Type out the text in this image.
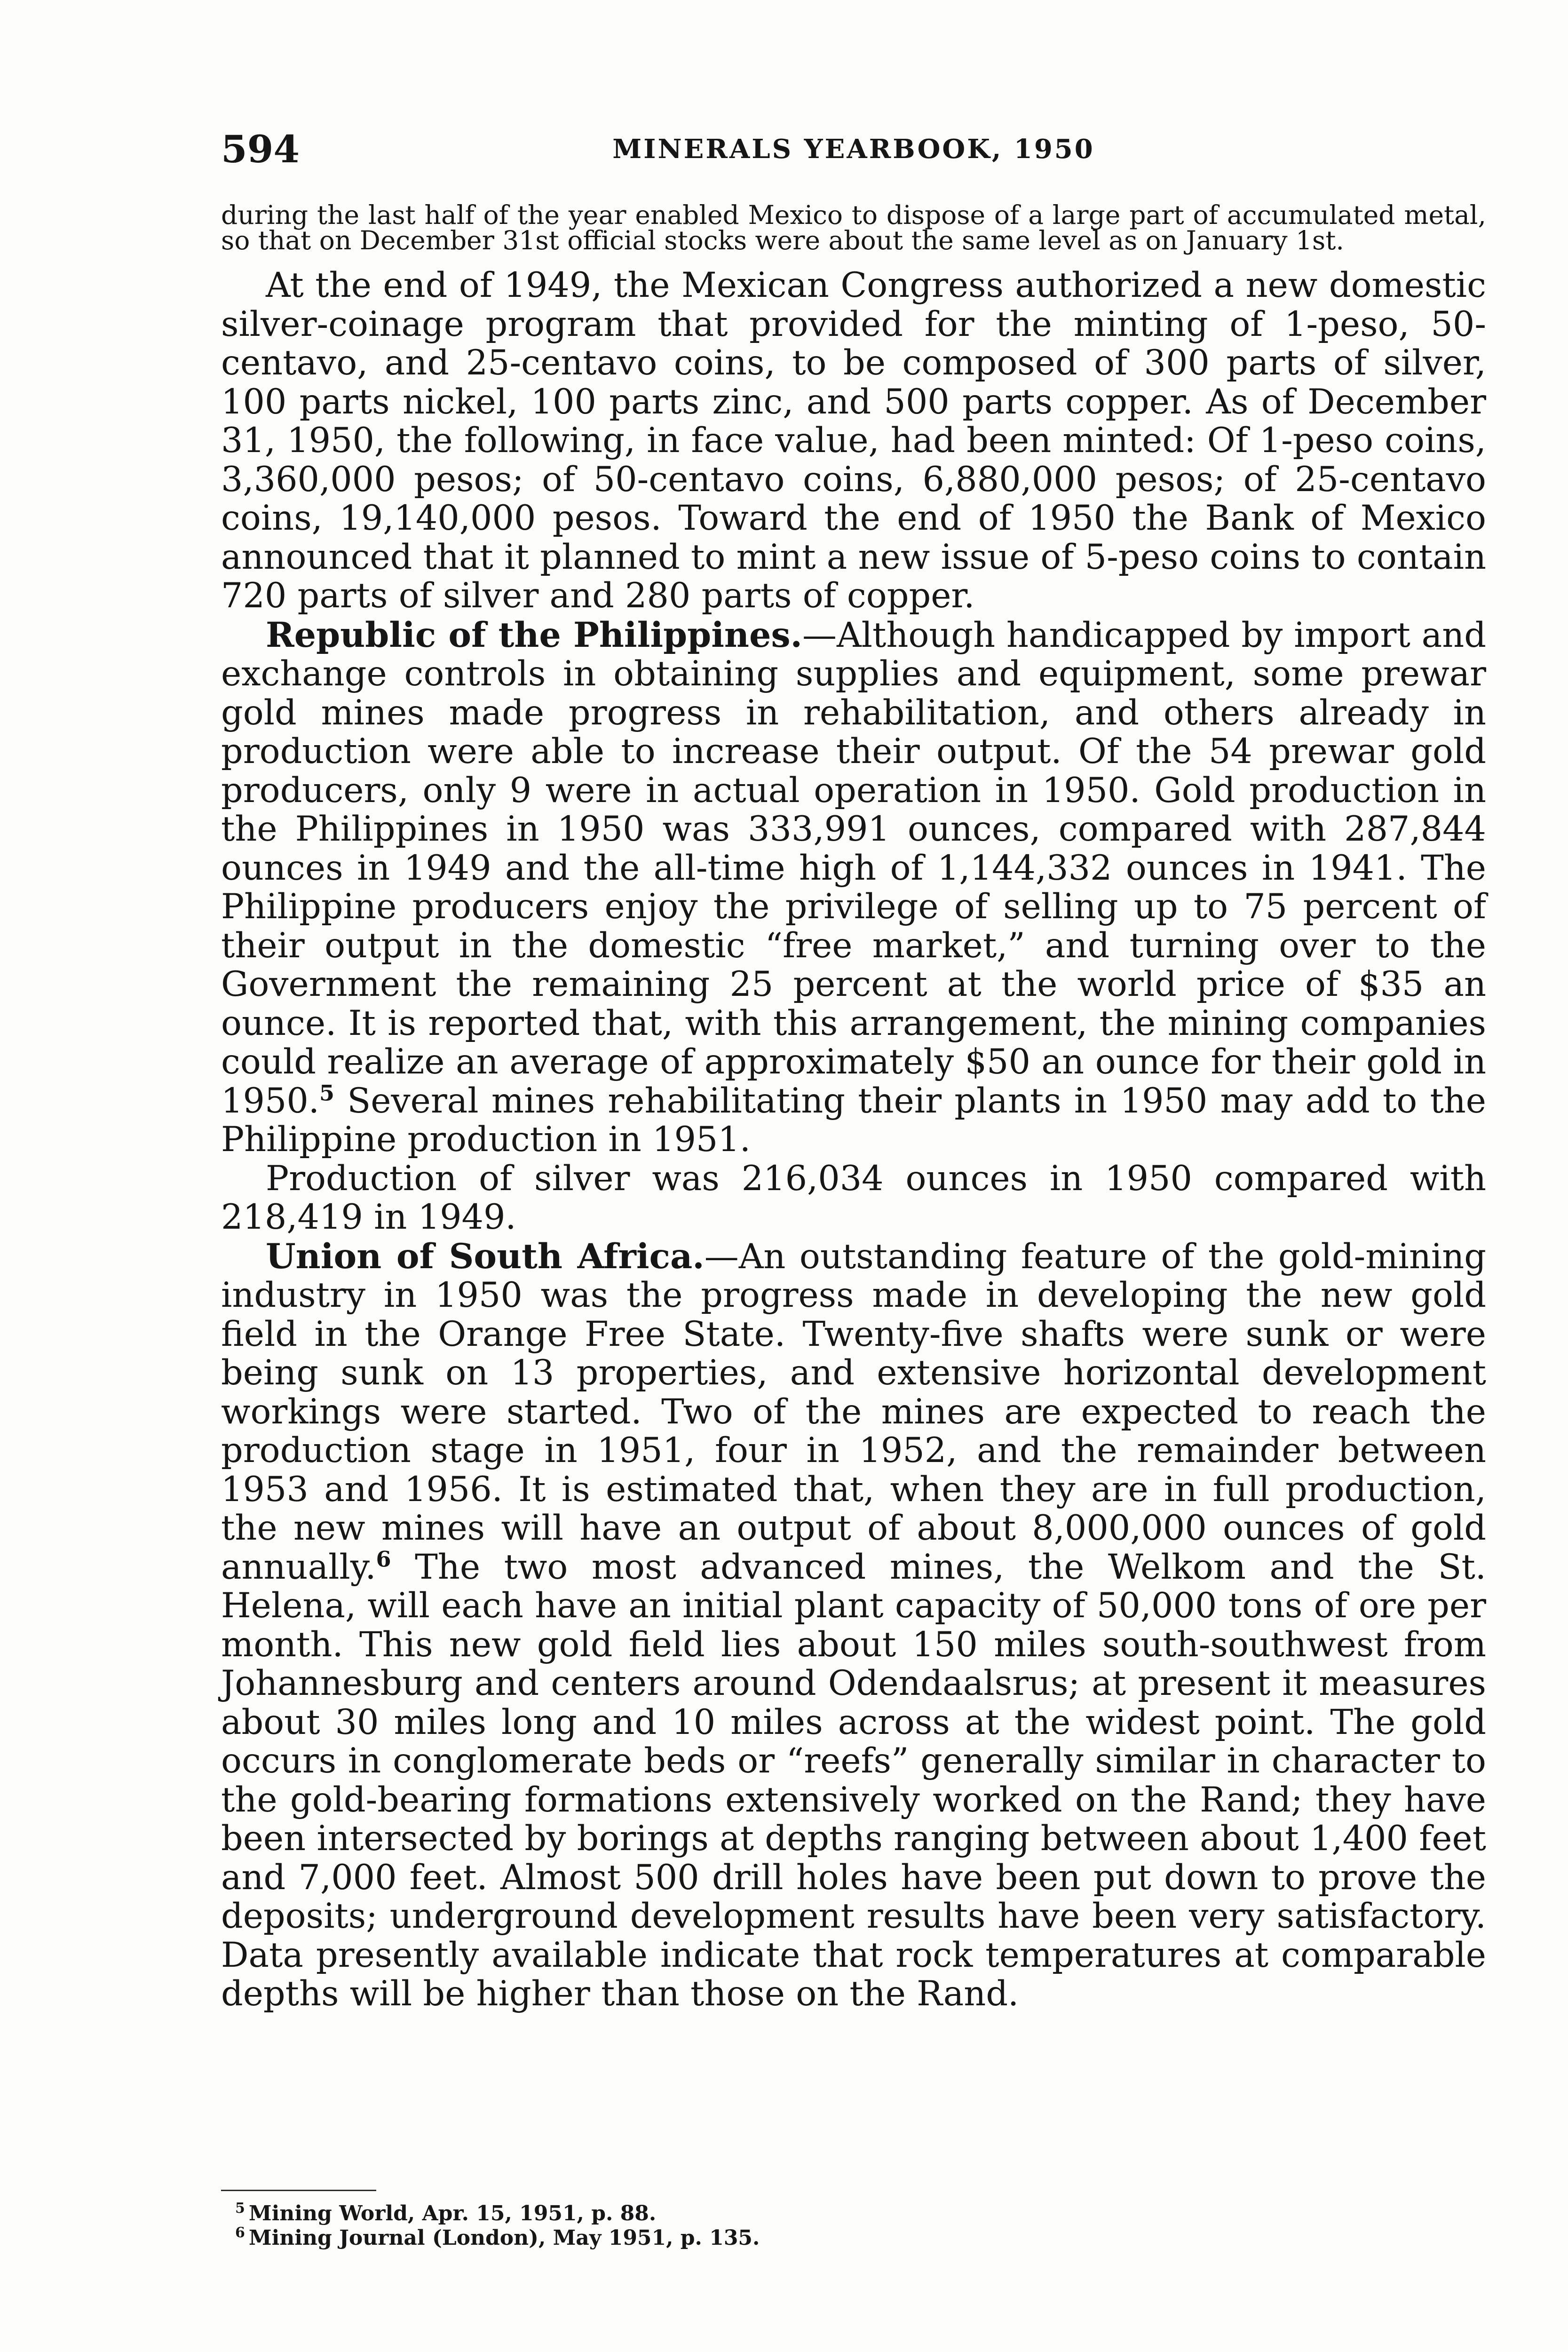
594	MINERALS YEARBOOK, 1950

during the last half of the year enabled Mexico to dispose of a large part of accumulated metal, so that on December 31st official stocks were about the same level as on January 1st.

At the end of 1949, the Mexican Congress authorized a new domestic silver-coinage program that provided for the minting of 1-peso, 50-centavo, and 25-centavo coins, to be composed of 300 parts of silver, 100 parts nickel, 100 parts zinc, and 500 parts copper. As of December 31, 1950, the following, in face value, had been minted: Of 1-peso coins, 3,360,000 pesos; of 50-centavo coins, 6,880,000 pesos; of 25-centavo coins, 19,140,000 pesos. Toward the end of 1950 the Bank of Mexico announced that it planned to mint a new issue of 5-peso coins to contain 720 parts of silver and 280 parts of copper.

Republic of the Philippines.—Although handicapped by import and exchange controls in obtaining supplies and equipment, some prewar gold mines made progress in rehabilitation, and others already in production were able to increase their output. Of the 54 prewar gold producers, only 9 were in actual operation in 1950. Gold production in the Philippines in 1950 was 333,991 ounces, compared with 287,844 ounces in 1949 and the all-time high of 1,144,332 ounces in 1941. The Philippine producers enjoy the privilege of selling up to 75 percent of their output in the domestic “free market,” and turning over to the Government the remaining 25 percent at the world price of $35 an ounce. It is reported that, with this arrangement, the mining companies could realize an average of approximately $50 an ounce for their gold in 1950.$^5$ Several mines rehabilitating their plants in 1950 may add to the Philippine production in 1951.

Production of silver was 216,034 ounces in 1950 compared with 218,419 in 1949.

Union of South Africa.—An outstanding feature of the gold-mining industry in 1950 was the progress made in developing the new gold field in the Orange Free State. Twenty-five shafts were sunk or were being sunk on 13 properties, and extensive horizontal development workings were started. Two of the mines are expected to reach the production stage in 1951, four in 1952, and the remainder between 1953 and 1956. It is estimated that, when they are in full production, the new mines will have an output of about 8,000,000 ounces of gold annually.$^6$ The two most advanced mines, the Welkom and the St. Helena, will each have an initial plant capacity of 50,000 tons of ore per month. This new gold field lies about 150 miles south-southwest from Johannesburg and centers around Odendaalsrus; at present it measures about 30 miles long and 10 miles across at the widest point. The gold occurs in conglomerate beds or “reefs” generally similar in character to the gold-bearing formations extensively worked on the Rand; they have been intersected by borings at depths ranging between about 1,400 feet and 7,000 feet. Almost 500 drill holes have been put down to prove the deposits; underground development results have been very satisfactory. Data presently available indicate that rock temperatures at comparable depths will be higher than those on the Rand.

$^5$ Mining World, Apr. 15, 1951, p. 88.

$^6$ Mining Journal (London), May 1951, p. 135.
